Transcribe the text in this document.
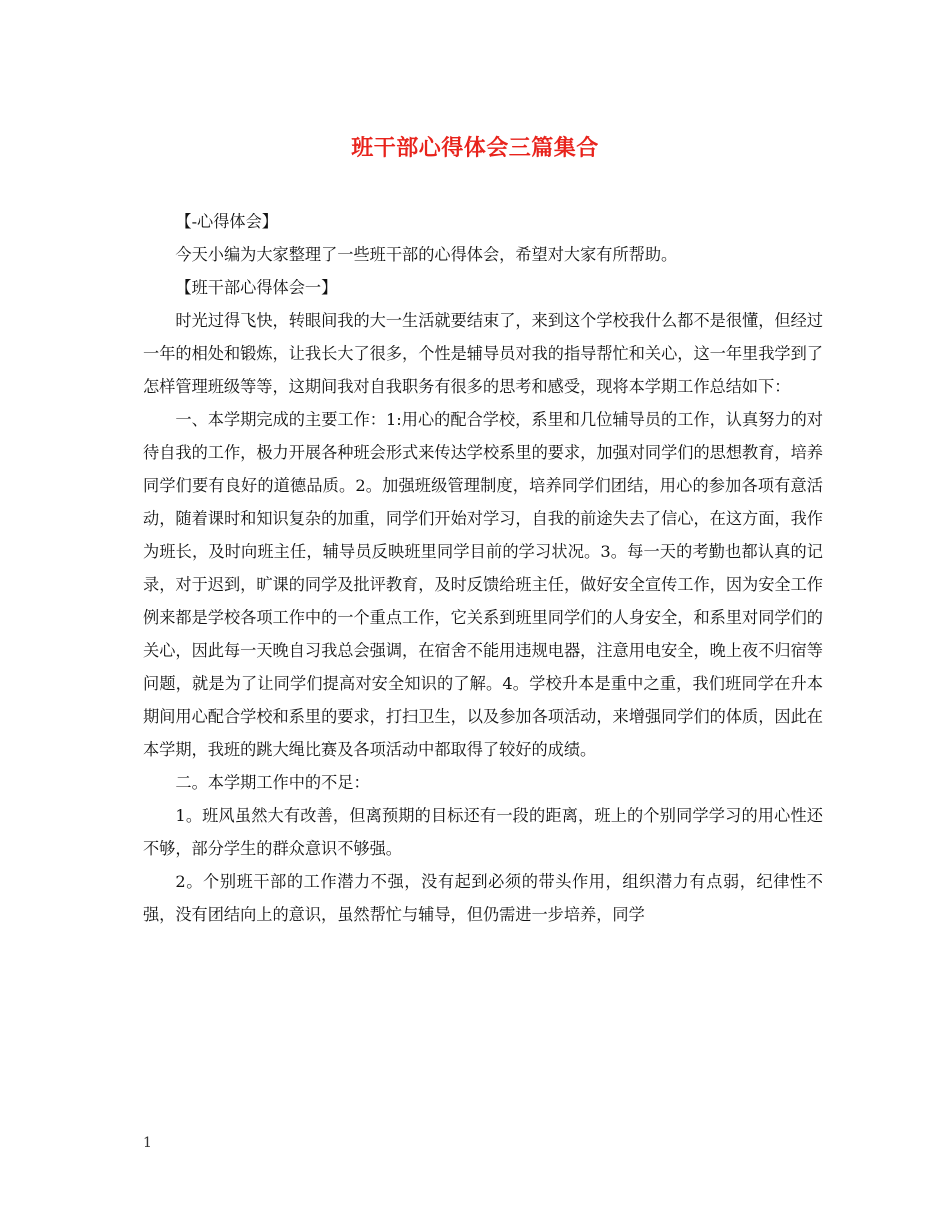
班干部心得体会三篇集合

【-心得体会】

今天小编为大家整理了一些班干部的心得体会，希望对大家有所帮助。

【班干部心得体会一】

时光过得飞快，转眼间我的大一生活就要结束了，来到这个学校我什么都不是很懂，但经过一年的相处和锻炼，让我长大了很多，个性是辅导员对我的指导帮忙和关心，这一年里我学到了怎样管理班级等等，这期间我对自我职务有很多的思考和感受，现将本学期工作总结如下：

一、本学期完成的主要工作：1:用心的配合学校，系里和几位辅导员的工作，认真努力的对待自我的工作，极力开展各种班会形式来传达学校系里的要求，加强对同学们的思想教育，培养同学们要有良好的道德品质。2。加强班级管理制度，培养同学们团结，用心的参加各项有意活动，随着课时和知识复杂的加重，同学们开始对学习，自我的前途失去了信心，在这方面，我作为班长，及时向班主任，辅导员反映班里同学目前的学习状况。3。每一天的考勤也都认真的记录，对于迟到，旷课的同学及批评教育，及时反馈给班主任，做好安全宣传工作，因为安全工作例来都是学校各项工作中的一个重点工作，它关系到班里同学们的人身安全，和系里对同学们的关心，因此每一天晚自习我总会强调，在宿舍不能用违规电器，注意用电安全，晚上夜不归宿等问题，就是为了让同学们提高对安全知识的了解。4。学校升本是重中之重，我们班同学在升本期间用心配合学校和系里的要求，打扫卫生，以及参加各项活动，来增强同学们的体质，因此在本学期，我班的跳大绳比赛及各项活动中都取得了较好的成绩。

二。本学期工作中的不足：

1。班风虽然大有改善，但离预期的目标还有一段的距离，班上的个别同学学习的用心性还不够，部分学生的群众意识不够强。

2。个别班干部的工作潜力不强，没有起到必须的带头作用，组织潜力有点弱，纪律性不强，没有团结向上的意识，虽然帮忙与辅导，但仍需进一步培养，同学

1
